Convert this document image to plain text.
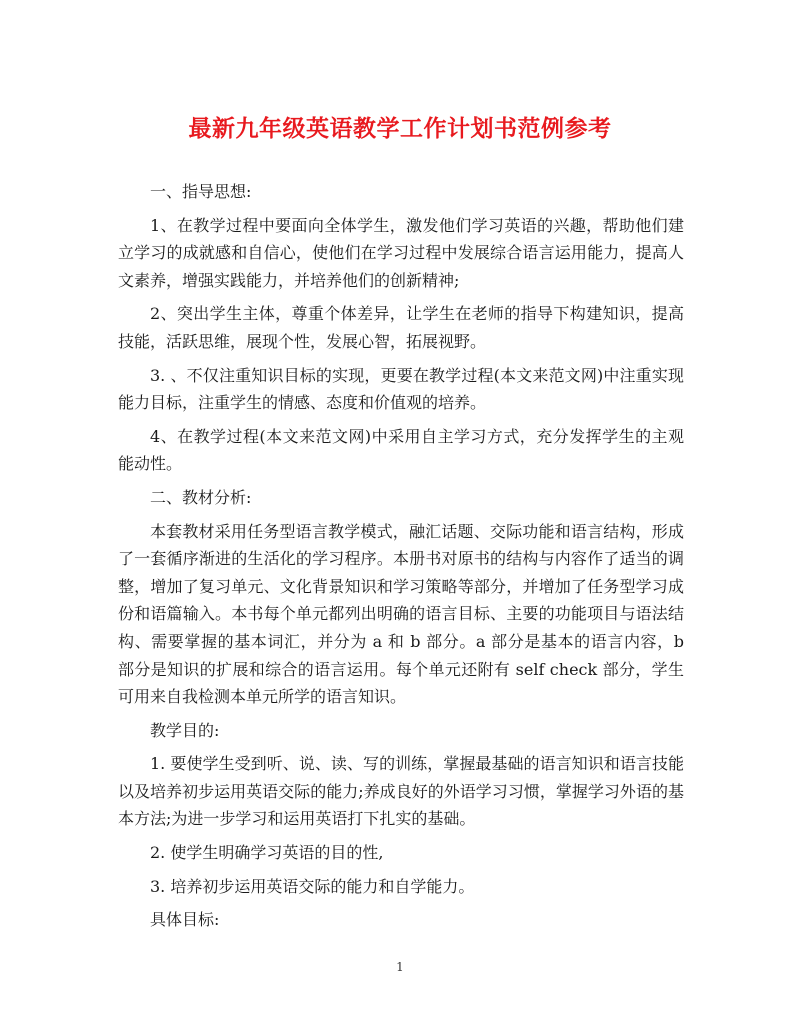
最新九年级英语教学工作计划书范例参考

一、指导思想:

1、在教学过程中要面向全体学生，激发他们学习英语的兴趣，帮助他们建立学习的成就感和自信心，使他们在学习过程中发展综合语言运用能力，提高人文素养，增强实践能力，并培养他们的创新精神;

2、突出学生主体，尊重个体差异，让学生在老师的指导下构建知识，提高技能，活跃思维，展现个性，发展心智，拓展视野。

3. 、不仅注重知识目标的实现，更要在教学过程(本文来范文网)中注重实现能力目标，注重学生的情感、态度和价值观的培养。

4、在教学过程(本文来范文网)中采用自主学习方式，充分发挥学生的主观能动性。

二、教材分析:

本套教材采用任务型语言教学模式，融汇话题、交际功能和语言结构，形成了一套循序渐进的生活化的学习程序。本册书对原书的结构与内容作了适当的调整，增加了复习单元、文化背景知识和学习策略等部分，并增加了任务型学习成份和语篇输入。本书每个单元都列出明确的语言目标、主要的功能项目与语法结构、需要掌握的基本词汇，并分为 a 和 b 部分。a 部分是基本的语言内容，b 部分是知识的扩展和综合的语言运用。每个单元还附有 self check 部分，学生可用来自我检测本单元所学的语言知识。

教学目的:

1. 要使学生受到听、说、读、写的训练，掌握最基础的语言知识和语言技能以及培养初步运用英语交际的能力;养成良好的外语学习习惯，掌握学习外语的基本方法;为进一步学习和运用英语打下扎实的基础。

2. 使学生明确学习英语的目的性,

3. 培养初步运用英语交际的能力和自学能力。

具体目标:

1
